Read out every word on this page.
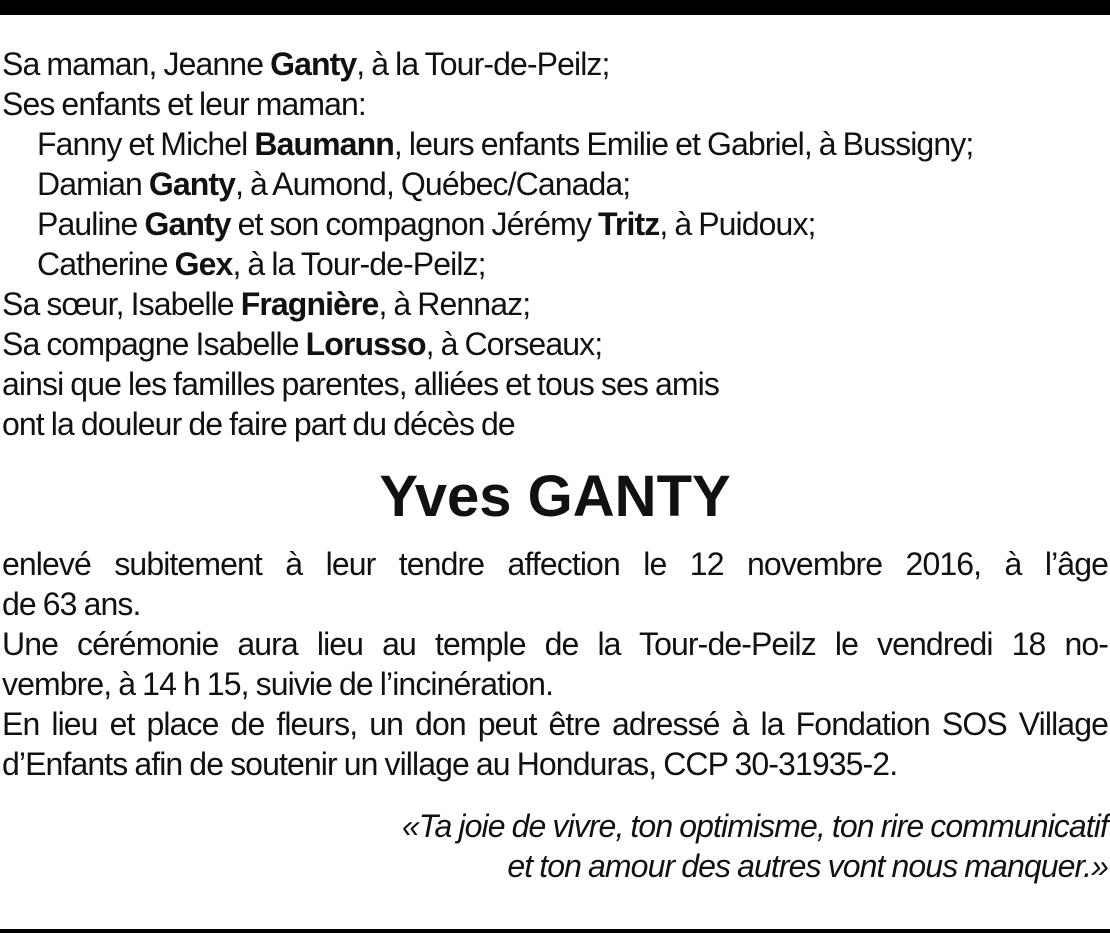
Sa maman, Jeanne Ganty, à la Tour-de-Peilz;
Ses enfants et leur maman:
Fanny et Michel Baumann, leurs enfants Emilie et Gabriel, à Bussigny;
Damian Ganty, à Aumond, Québec/Canada;
Pauline Ganty et son compagnon Jérémy Tritz, à Puidoux;
Catherine Gex, à la Tour-de-Peilz;
Sa sœur, Isabelle Fragnière, à Rennaz;
Sa compagne Isabelle Lorusso, à Corseaux;
ainsi que les familles parentes, alliées et tous ses amis
ont la douleur de faire part du décès de
Yves GANTY
enlevé subitement à leur tendre affection le 12 novembre 2016, à l’âge
de 63 ans.
Une cérémonie aura lieu au temple de la Tour-de-Peilz le vendredi 18 no-
vembre, à 14 h 15, suivie de l’incinération.
En lieu et place de fleurs, un don peut être adressé à la Fondation SOS Village
d’Enfants afin de soutenir un village au Honduras, CCP 30-31935-2.
«Ta joie de vivre, ton optimisme, ton rire communicatif
et ton amour des autres vont nous manquer.»
